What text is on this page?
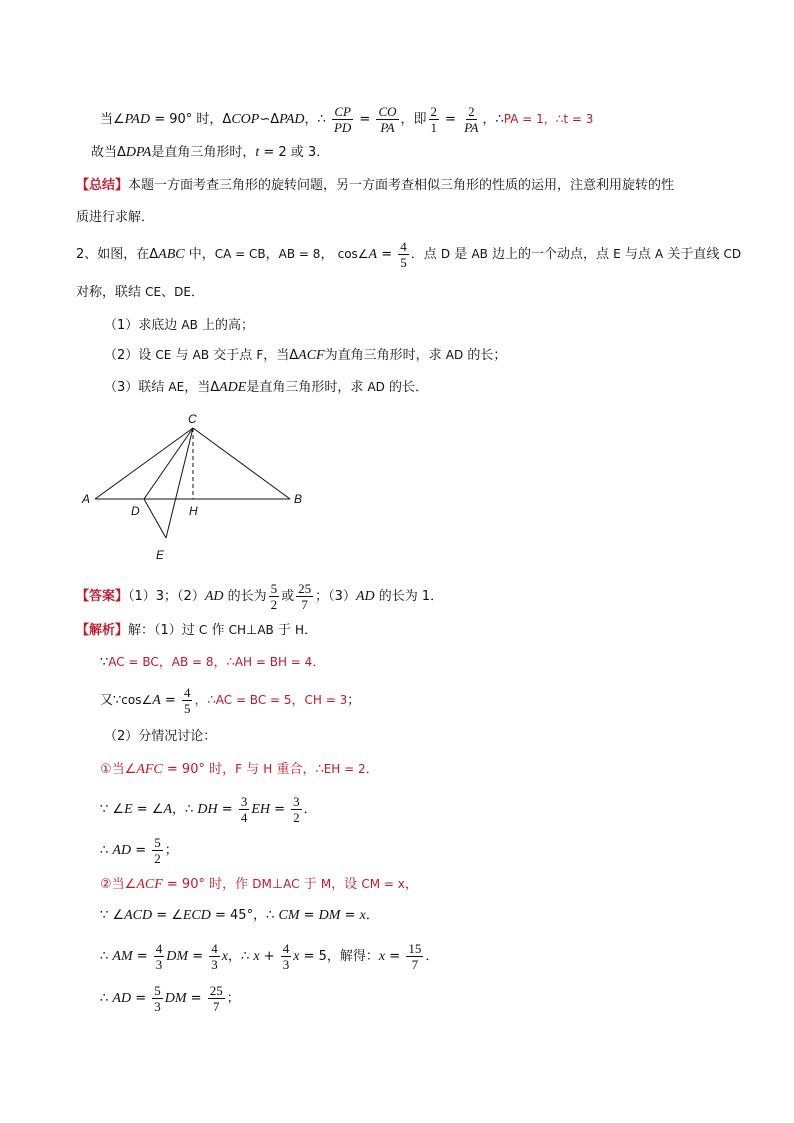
当∠PAD = 90° 时，ΔCOP∽ΔPAD，∴ $\frac{CP}{PD} = \frac{CO}{PA}$ ，即 $\frac{2}{1} = \frac{2}{PA}$ ，∴PA = 1，∴t = 3
故当ΔDPA是直角三角形时，t = 2 或 3．
【总结】本题一方面考查三角形的旋转问题，另一方面考查相似三角形的性质的运用，注意利用旋转的性
质进行求解．
2、如图，在ΔABC 中，CA = CB，AB = 8， cos∠A = $\frac{4}{5}$ ．点 D 是 AB 边上的一个动点，点 E 与点 A 关于直线 CD
对称，联结 CE、DE．
（1）求底边 AB 上的高；
（2）设 CE 与 AB 交于点 F，当ΔACF为直角三角形时，求 AD 的长；
（3）联结 AE，当ΔADE是直角三角形时，求 AD 的长．
C
A	B
D	H
E
【答案】（1）3；（2）AD 的长为 $\frac{5}{2}$ 或 $\frac{25}{7}$ ；（3）AD 的长为 1．
【解析】解：（1）过 C 作 CH⊥AB 于 H．
∵AC = BC，AB = 8，∴AH = BH = 4．
又∵cos∠A = $\frac{4}{5}$ ，∴AC = BC = 5，CH = 3；
（2）分情况讨论：
①当∠AFC = 90° 时，F 与 H 重合，∴EH = 2．
∵ ∠E = ∠A，∴ DH = $\frac{3}{4}$ EH = $\frac{3}{2}$ ．
∴ AD = $\frac{5}{2}$ ；
②当∠ACF = 90° 时，作 DM⊥AC 于 M，设 CM = x，
∵ ∠ACD = ∠ECD = 45°，∴ CM = DM = x．
∴ AM = $\frac{4}{3}$ DM = $\frac{4}{3}$ x，∴ $x + \frac{4}{3}$ x = 5，解得：$x = \frac{15}{7}$ ．
∴ AD = $\frac{5}{3}$ DM = $\frac{25}{7}$ ；
